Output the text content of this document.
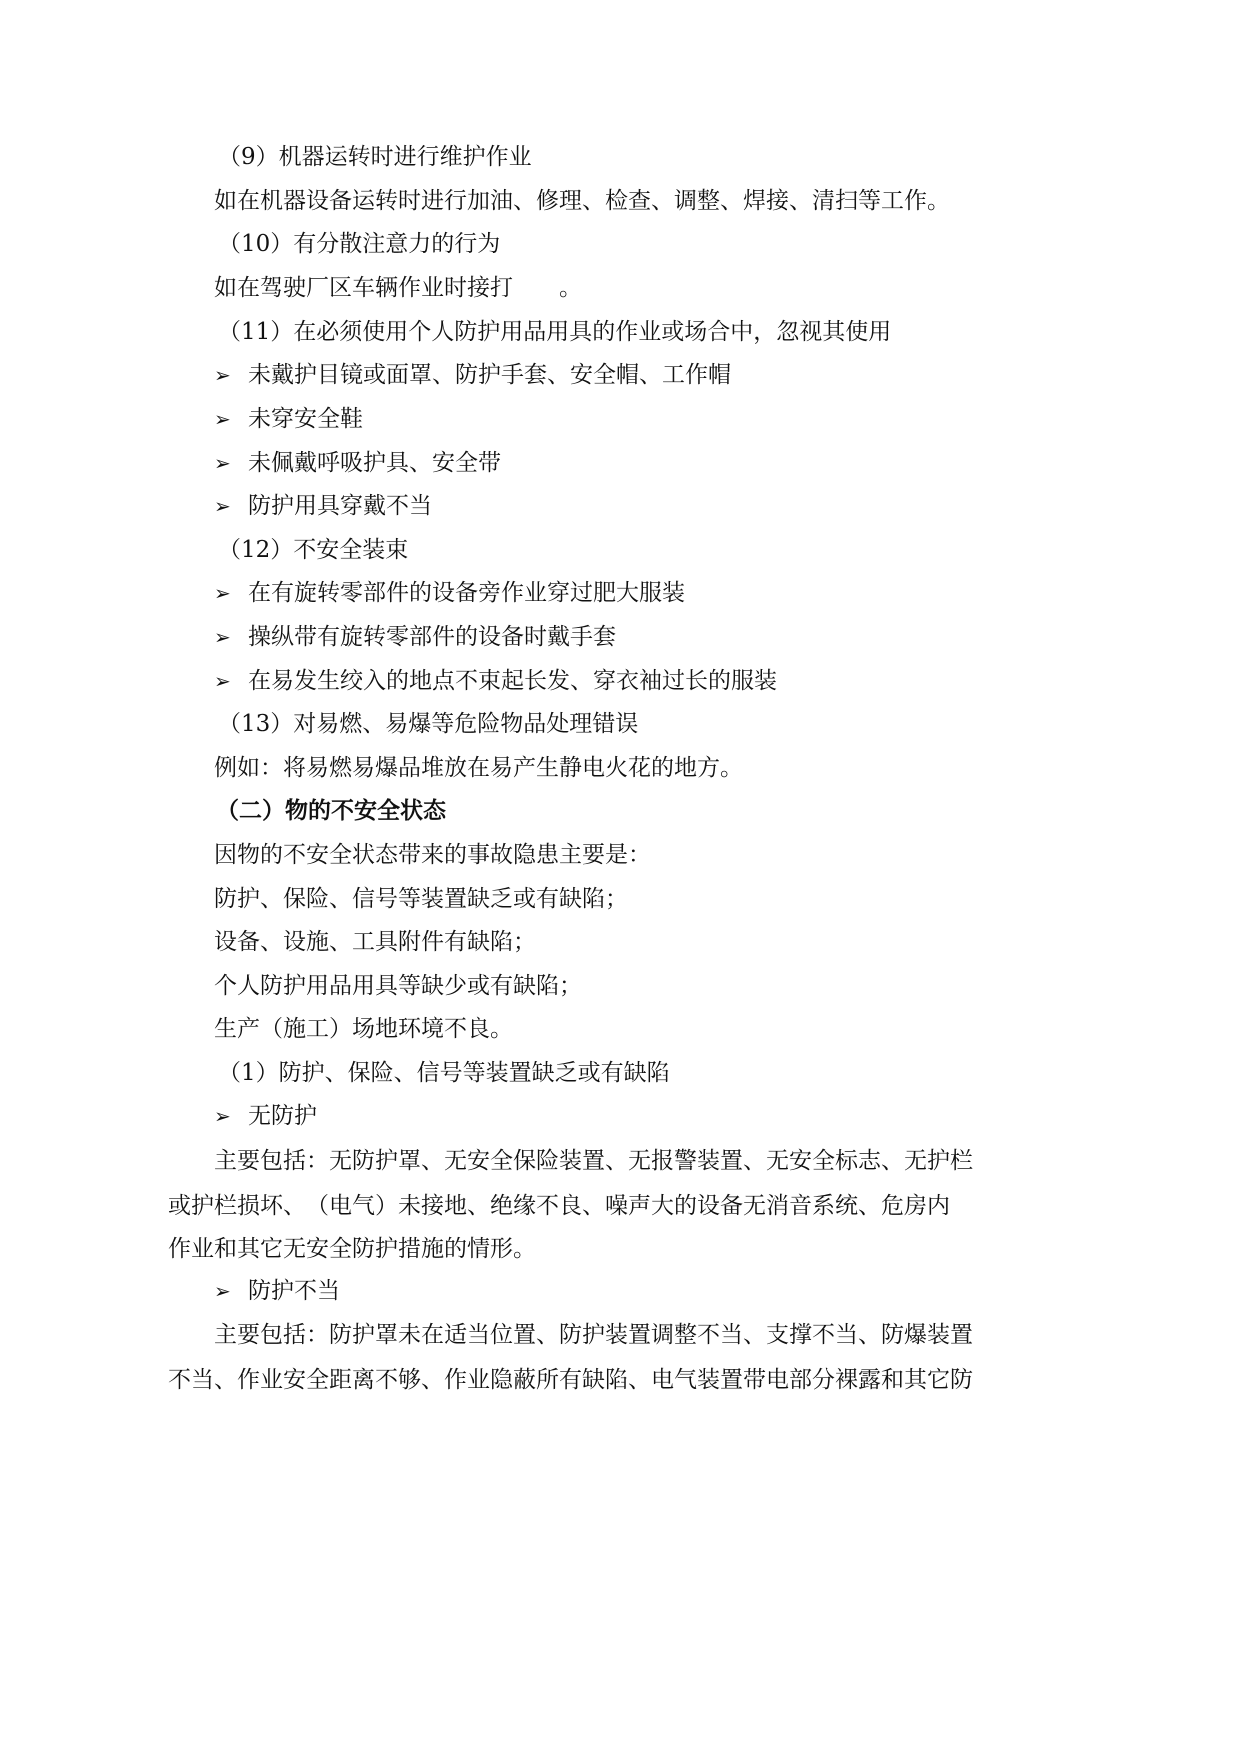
（9）机器运转时进行维护作业
如在机器设备运转时进行加油、修理、检查、调整、焊接、清扫等工作。
（10）有分散注意力的行为
如在驾驶厂区车辆作业时接打　　。
（11）在必须使用个人防护用品用具的作业或场合中，忽视其使用
➢ 未戴护目镜或面罩、防护手套、安全帽、工作帽
➢ 未穿安全鞋
➢ 未佩戴呼吸护具、安全带
➢ 防护用具穿戴不当
（12）不安全装束
➢ 在有旋转零部件的设备旁作业穿过肥大服装
➢ 操纵带有旋转零部件的设备时戴手套
➢ 在易发生绞入的地点不束起长发、穿衣袖过长的服装
（13）对易燃、易爆等危险物品处理错误
例如：将易燃易爆品堆放在易产生静电火花的地方。
（二）物的不安全状态
因物的不安全状态带来的事故隐患主要是：
防护、保险、信号等装置缺乏或有缺陷；
设备、设施、工具附件有缺陷；
个人防护用品用具等缺少或有缺陷；
生产（施工）场地环境不良。
（1）防护、保险、信号等装置缺乏或有缺陷
➢ 无防护
主要包括：无防护罩、无安全保险装置、无报警装置、无安全标志、无护栏
或护栏损坏、　（电气）未接地、绝缘不良、噪声大的设备无消音系统、危房内
作业和其它无安全防护措施的情形。
➢ 防护不当
主要包括：防护罩未在适当位置、防护装置调整不当、支撑不当、防爆装置
不当、作业安全距离不够、作业隐蔽所有缺陷、电气装置带电部分裸露和其它防
